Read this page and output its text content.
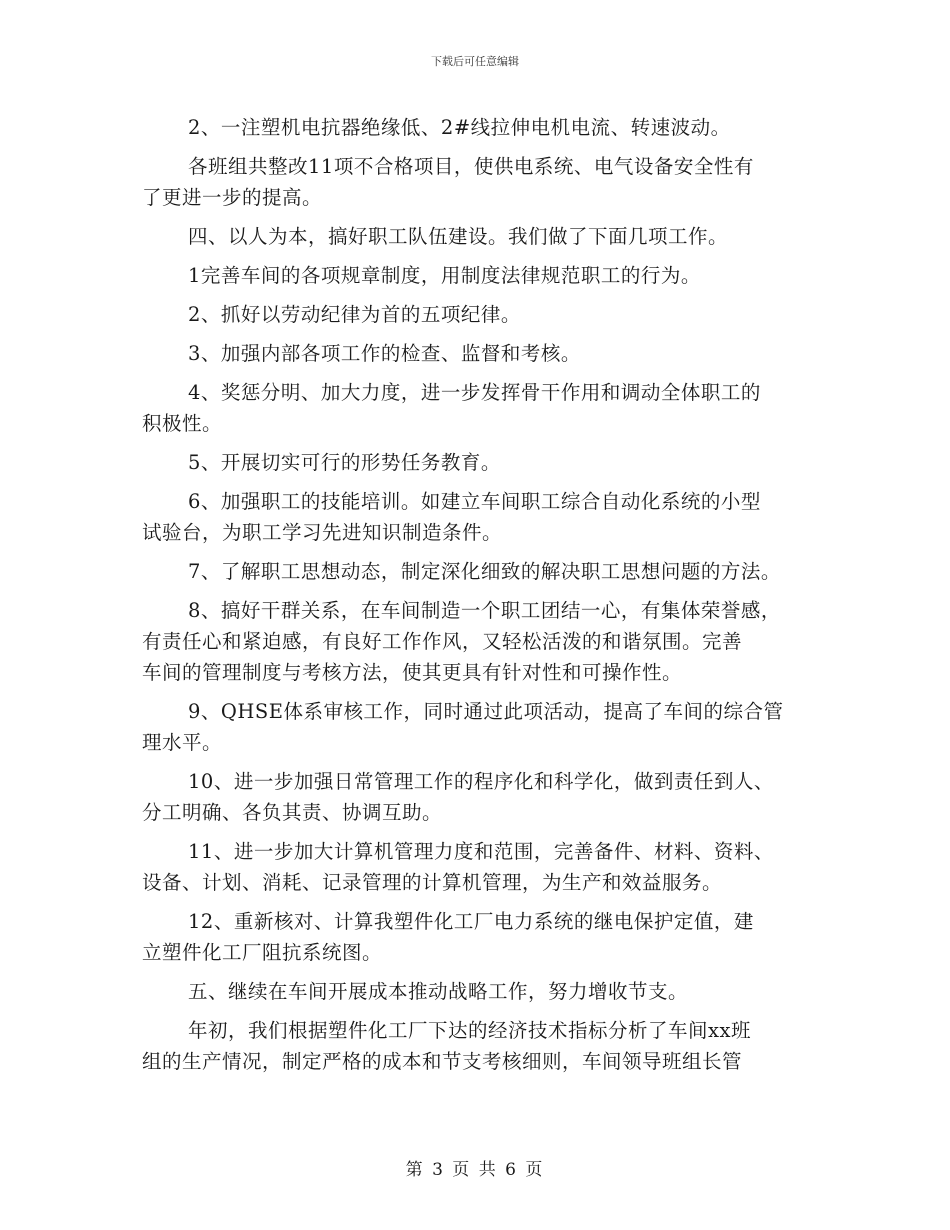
下载后可任意编辑
2、一注塑机电抗器绝缘低、2#线拉伸电机电流、转速波动。
各班组共整改11项不合格项目，使供电系统、电气设备安全性有
了更进一步的提高。
四、以人为本，搞好职工队伍建设。我们做了下面几项工作。
1完善车间的各项规章制度，用制度法律规范职工的行为。
2、抓好以劳动纪律为首的五项纪律。
3、加强内部各项工作的检查、监督和考核。
4、奖惩分明、加大力度，进一步发挥骨干作用和调动全体职工的
积极性。
5、开展切实可行的形势任务教育。
6、加强职工的技能培训。如建立车间职工综合自动化系统的小型
试验台，为职工学习先进知识制造条件。
7、了解职工思想动态，制定深化细致的解决职工思想问题的方法。
8、搞好干群关系，在车间制造一个职工团结一心，有集体荣誉感，
有责任心和紧迫感，有良好工作作风，又轻松活泼的和谐氛围。完善
车间的管理制度与考核方法，使其更具有针对性和可操作性。
9、QHSE体系审核工作，同时通过此项活动，提高了车间的综合管
理水平。
10、进一步加强日常管理工作的程序化和科学化，做到责任到人、
分工明确、各负其责、协调互助。
11、进一步加大计算机管理力度和范围，完善备件、材料、资料、
设备、计划、消耗、记录管理的计算机管理，为生产和效益服务。
12、重新核对、计算我塑件化工厂电力系统的继电保护定值，建
立塑件化工厂阻抗系统图。
五、继续在车间开展成本推动战略工作，努力增收节支。
年初，我们根据塑件化工厂下达的经济技术指标分析了车间xx班
组的生产情况，制定严格的成本和节支考核细则，车间领导班组长管
第 3 页 共 6 页
